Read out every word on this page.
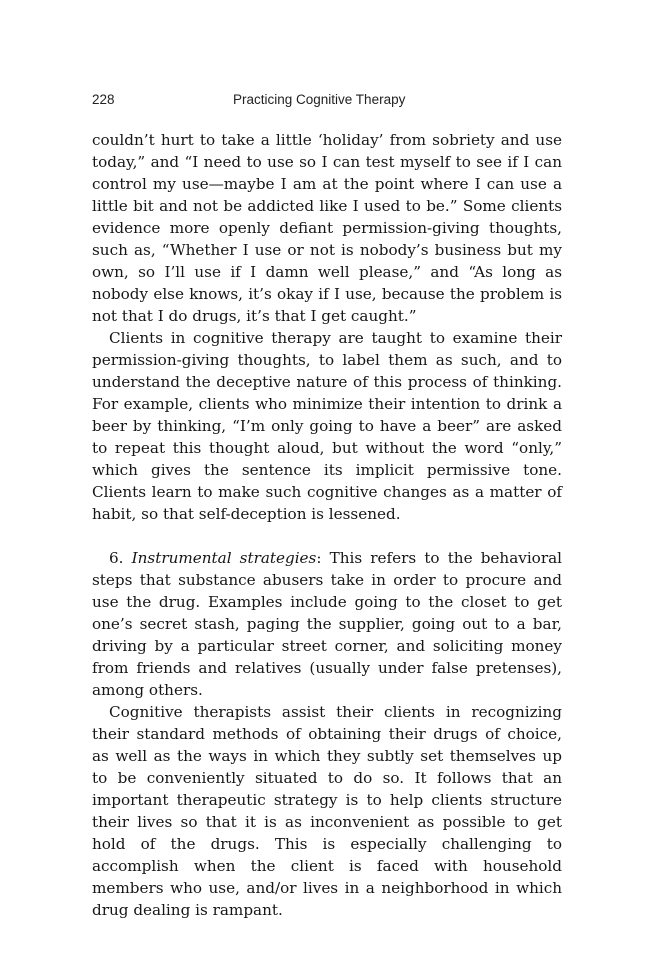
228	Practicing Cognitive Therapy

couldn’t hurt to take a little ‘holiday’ from sobriety and use today,” and “I need to use so I can test myself to see if I can control my use—maybe I am at the point where I can use a little bit and not be addicted like I used to be.” Some clients evidence more openly defiant permission-giving thoughts, such as, “Whether I use or not is nobody’s business but my own, so I’ll use if I damn well please,” and “As long as nobody else knows, it’s okay if I use, because the problem is not that I do drugs, it’s that I get caught.”

Clients in cognitive therapy are taught to examine their permission-giving thoughts, to label them as such, and to understand the deceptive nature of this process of thinking. For example, clients who minimize their intention to drink a beer by thinking, “I’m only going to have a beer” are asked to repeat this thought aloud, but without the word “only,” which gives the sentence its implicit permissive tone. Clients learn to make such cognitive changes as a matter of habit, so that self-deception is lessened.

6. Instrumental strategies: This refers to the behavioral steps that substance abusers take in order to procure and use the drug. Examples include going to the closet to get one’s secret stash, paging the supplier, going out to a bar, driving by a particular street corner, and soliciting money from friends and relatives (usually under false pretenses), among others.

Cognitive therapists assist their clients in recognizing their standard methods of obtaining their drugs of choice, as well as the ways in which they subtly set themselves up to be conveniently situated to do so. It follows that an important therapeutic strategy is to help clients structure their lives so that it is as inconvenient as possible to get hold of the drugs. This is especially challenging to accomplish when the client is faced with household members who use, and/or lives in a neighborhood in which drug dealing is rampant.
